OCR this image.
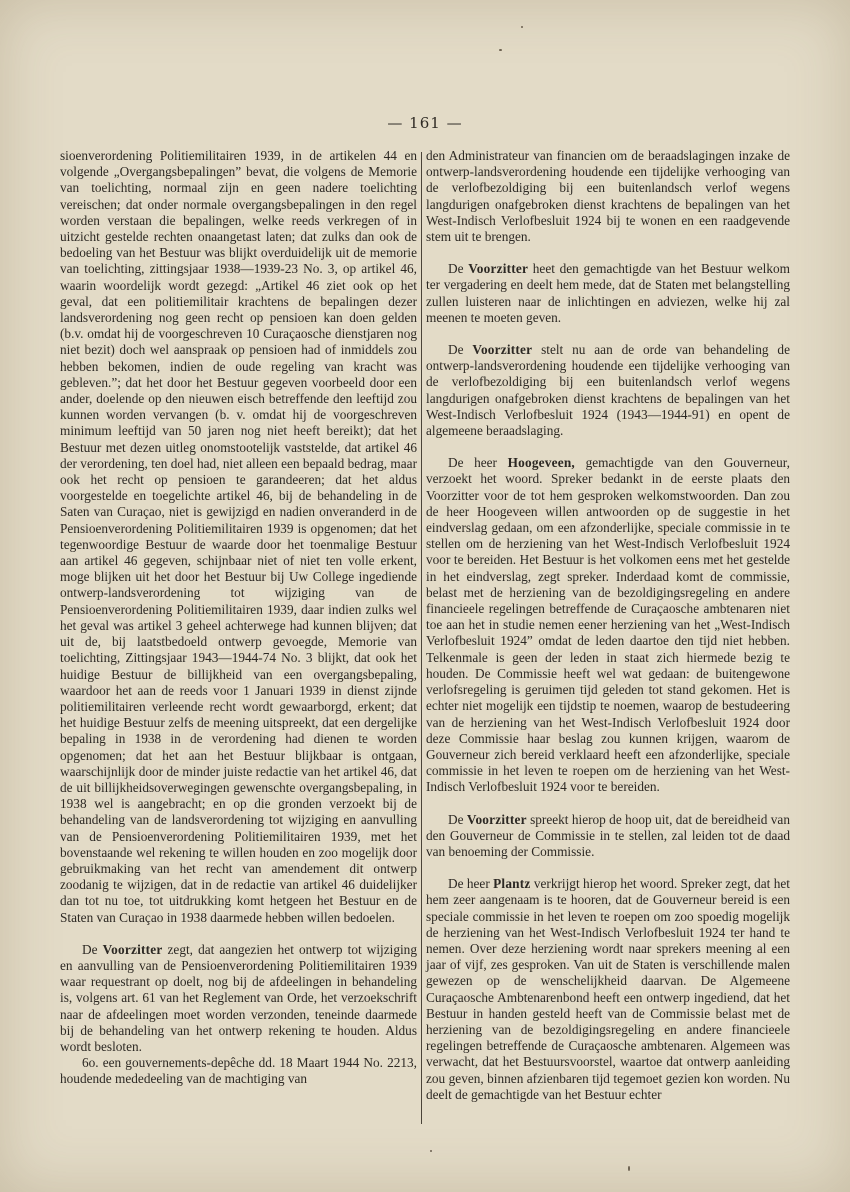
— 161 —

sioenverordening Politiemilitairen 1939, in de artikelen 44 en volgende „Overgangsbepalingen” bevat, die volgens de Memorie van toelichting, normaal zijn en geen nadere toelichting vereischen; dat onder normale overgangsbepalingen in den regel worden verstaan die bepalingen, welke reeds verkregen of in uitzicht gestelde rechten onaangetast laten; dat zulks dan ook de bedoeling van het Bestuur was blijkt overduidelijk uit de memorie van toelichting, zittingsjaar 1938—1939-23 No. 3, op artikel 46, waarin woordelijk wordt gezegd: „Artikel 46 ziet ook op het geval, dat een politiemilitair krachtens de bepalingen dezer landsverordening nog geen recht op pensioen kan doen gelden (b.v. omdat hij de voorgeschreven 10 Curaçaosche dienstjaren nog niet bezit) doch wel aanspraak op pensioen had of inmiddels zou hebben bekomen, indien de oude regeling van kracht was gebleven.”; dat het door het Bestuur gegeven voorbeeld door een ander, doelende op den nieuwen eisch betreffende den leeftijd zou kunnen worden vervangen (b. v. omdat hij de voorgeschreven minimum leeftijd van 50 jaren nog niet heeft bereikt); dat het Bestuur met dezen uitleg onomstootelijk vaststelde, dat artikel 46 der verordening, ten doel had, niet alleen een bepaald bedrag, maar ook het recht op pensioen te garandeeren; dat het aldus voorgestelde en toegelichte artikel 46, bij de behandeling in de Saten van Curaçao, niet is gewijzigd en nadien onveranderd in de Pensioenverordening Politiemilitairen 1939 is opgenomen; dat het tegenwoordige Bestuur de waarde door het toenmalige Bestuur aan artikel 46 gegeven, schijnbaar niet of niet ten volle erkent, moge blijken uit het door het Bestuur bij Uw College ingediende ontwerp-landsverordening tot wijziging van de Pensioenverordening Politiemilitairen 1939, daar indien zulks wel het geval was artikel 3 geheel achterwege had kunnen blijven; dat uit de, bij laatstbedoeld ontwerp gevoegde, Memorie van toelichting, Zittingsjaar 1943—1944-74 No. 3 blijkt, dat ook het huidige Bestuur de billijkheid van een overgangsbepaling, waardoor het aan de reeds voor 1 Januari 1939 in dienst zijnde politiemilitairen verleende recht wordt gewaarborgd, erkent; dat het huidige Bestuur zelfs de meening uitspreekt, dat een dergelijke bepaling in 1938 in de verordening had dienen te worden opgenomen; dat het aan het Bestuur blijkbaar is ontgaan, waarschijnlijk door de minder juiste redactie van het artikel 46, dat de uit billijkheidsoverwegingen gewenschte overgangsbepaling, in 1938 wel is aangebracht; en op die gronden verzoekt bij de behandeling van de landsverordening tot wijziging en aanvulling van de Pensioenverordening Politiemilitairen 1939, met het bovenstaande wel rekening te willen houden en zoo mogelijk door gebruikmaking van het recht van amendement dit ontwerp zoodanig te wijzigen, dat in de redactie van artikel 46 duidelijker dan tot nu toe, tot uitdrukking komt hetgeen het Bestuur en de Staten van Curaçao in 1938 daarmede hebben willen bedoelen.

De Voorzitter zegt, dat aangezien het ontwerp tot wijziging en aanvulling van de Pensioenverordening Politiemilitairen 1939 waar requestrant op doelt, nog bij de afdeelingen in behandeling is, volgens art. 61 van het Reglement van Orde, het verzoekschrift naar de afdeelingen moet worden verzonden, teneinde daarmede bij de behandeling van het ontwerp rekening te houden. Aldus wordt besloten.

6o. een gouvernements-depêche dd. 18 Maart 1944 No. 2213, houdende mededeeling van de machtiging van

den Administrateur van financien om de beraadslagingen inzake de ontwerp-landsverordening houdende een tijdelijke verhooging van de verlofbezoldiging bij een buitenlandsch verlof wegens langdurigen onafgebroken dienst krachtens de bepalingen van het West-Indisch Verlofbesluit 1924 bij te wonen en een raadgevende stem uit te brengen.

De Voorzitter heet den gemachtigde van het Bestuur welkom ter vergadering en deelt hem mede, dat de Staten met belangstelling zullen luisteren naar de inlichtingen en adviezen, welke hij zal meenen te moeten geven.

De Voorzitter stelt nu aan de orde van behandeling de ontwerp-landsverordening houdende een tijdelijke verhooging van de verlofbezoldiging bij een buitenlandsch verlof wegens langdurigen onafgebroken dienst krachtens de bepalingen van het West-Indisch Verlofbesluit 1924 (1943—1944-91) en opent de algemeene beraadslaging.

De heer Hoogeveen, gemachtigde van den Gouverneur, verzoekt het woord. Spreker bedankt in de eerste plaats den Voorzitter voor de tot hem gesproken welkomstwoorden. Dan zou de heer Hoogeveen willen antwoorden op de suggestie in het eindverslag gedaan, om een afzonderlijke, speciale commissie in te stellen om de herziening van het West-Indisch Verlofbesluit 1924 voor te bereiden. Het Bestuur is het volkomen eens met het gestelde in het eindverslag, zegt spreker. Inderdaad komt de commissie, belast met de herziening van de bezoldigingsregeling en andere financieele regelingen betreffende de Curaçaosche ambtenaren niet toe aan het in studie nemen eener herziening van het „West-Indisch Verlofbesluit 1924” omdat de leden daartoe den tijd niet hebben. Telkenmale is geen der leden in staat zich hiermede bezig te houden. De Commissie heeft wel wat gedaan: de buitengewone verlofsregeling is geruimen tijd geleden tot stand gekomen. Het is echter niet mogelijk een tijdstip te noemen, waarop de bestudeering van de herziening van het West-Indisch Verlofbesluit 1924 door deze Commissie haar beslag zou kunnen krijgen, waarom de Gouverneur zich bereid verklaard heeft een afzonderlijke, speciale commissie in het leven te roepen om de herziening van het West-Indisch Verlofbesluit 1924 voor te bereiden.

De Voorzitter spreekt hierop de hoop uit, dat de bereidheid van den Gouverneur de Commissie in te stellen, zal leiden tot de daad van benoeming der Commissie.

De heer Plantz verkrijgt hierop het woord. Spreker zegt, dat het hem zeer aangenaam is te hooren, dat de Gouverneur bereid is een speciale commissie in het leven te roepen om zoo spoedig mogelijk de herziening van het West-Indisch Verlofbesluit 1924 ter hand te nemen. Over deze herziening wordt naar sprekers meening al een jaar of vijf, zes gesproken. Van uit de Staten is verschillende malen gewezen op de wenschelijkheid daarvan. De Algemeene Curaçaosche Ambtenarenbond heeft een ontwerp ingediend, dat het Bestuur in handen gesteld heeft van de Commissie belast met de herziening van de bezoldigingsregeling en andere financieele regelingen betreffende de Curaçaosche ambtenaren. Algemeen was verwacht, dat het Bestuursvoorstel, waartoe dat ontwerp aanleiding zou geven, binnen afzienbaren tijd tegemoet gezien kon worden. Nu deelt de gemachtigde van het Bestuur echter
